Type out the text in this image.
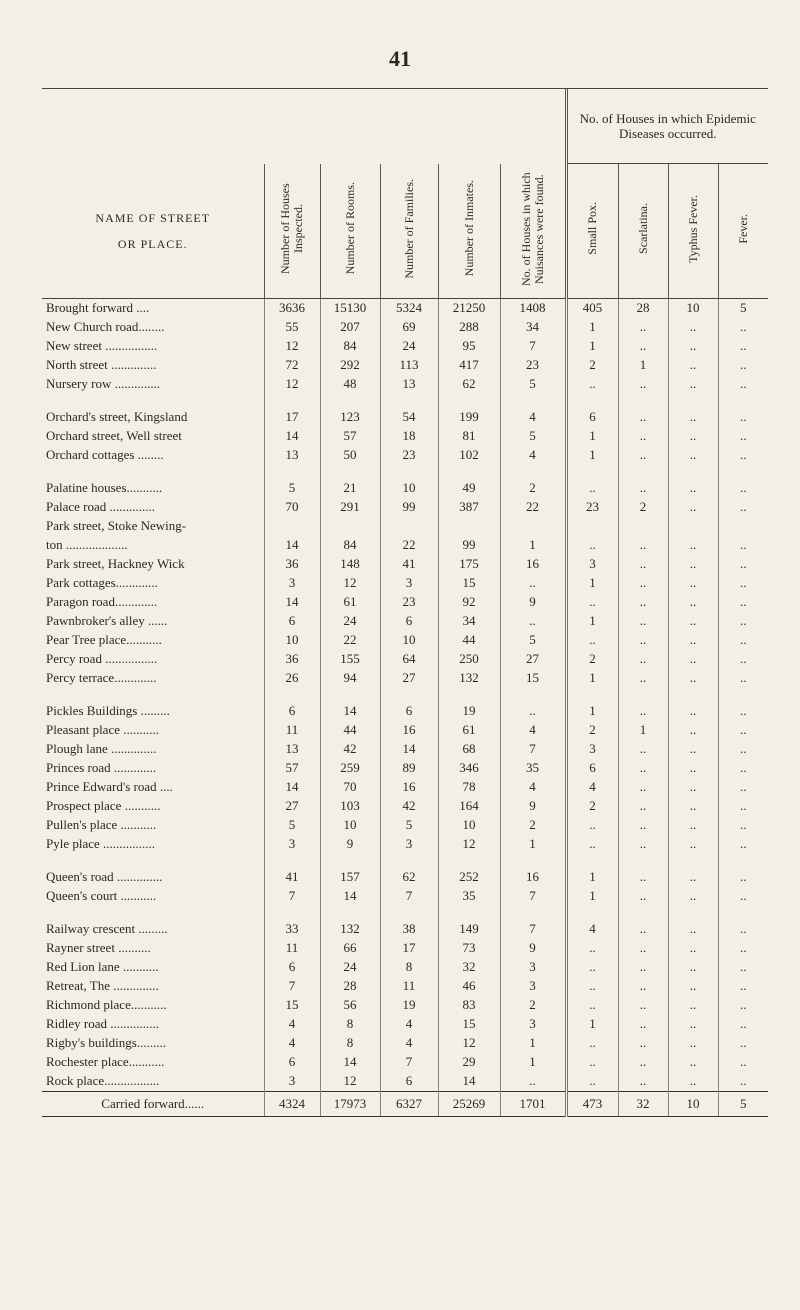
41

						No. of Houses in which Epidemic Diseases occurred.			
NAME OF STREET
OR PLACE.	Number of Houses Inspected.	Number of Rooms.	Number of Families.	Number of Inmates.	No. of Houses in which Nuisances were found.	Small Pox.	Scarlatina.	Typhus Fever.	Fever.
Brought forward ....	3636	15130	5324	21250	1408	405	28	10	5
New Church road........	55	207	69	288	34	1	..	..	..
New street ................	12	84	24	95	7	1	..	..	..
North street ..............	72	292	113	417	23	2	1	..	..
Nursery row ..............	12	48	13	62	5	..	..	..	..

Orchard's street, Kingsland	17	123	54	199	4	6	..	..	..
Orchard street, Well street	14	57	18	81	5	1	..	..	..
Orchard cottages ........	13	50	23	102	4	1	..	..	..

Palatine houses...........	5	21	10	49	2	..	..	..	..
Palace road ..............	70	291	99	387	22	23	2	..	..
Park street, Stoke Newing-									
ton ...................	14	84	22	99	1	..	..	..	..
Park street, Hackney Wick	36	148	41	175	16	3	..	..	..
Park cottages.............	3	12	3	15	..	1	..	..	..
Paragon road.............	14	61	23	92	9	..	..	..	..
Pawnbroker's alley ......	6	24	6	34	..	1	..	..	..
Pear Tree place...........	10	22	10	44	5	..	..	..	..
Percy road ................	36	155	64	250	27	2	..	..	..
Percy terrace.............	26	94	27	132	15	1	..	..	..

Pickles Buildings .........	6	14	6	19	..	1	..	..	..
Pleasant place ...........	11	44	16	61	4	2	1	..	..
Plough lane ..............	13	42	14	68	7	3	..	..	..
Princes road .............	57	259	89	346	35	6	..	..	..
Prince Edward's road ....	14	70	16	78	4	4	..	..	..
Prospect place ...........	27	103	42	164	9	2	..	..	..
Pullen's place ...........	5	10	5	10	2	..	..	..	..
Pyle place ................	3	9	3	12	1	..	..	..	..

Queen's road ..............	41	157	62	252	16	1	..	..	..
Queen's court ...........	7	14	7	35	7	1	..	..	..

Railway crescent .........	33	132	38	149	7	4	..	..	..
Rayner street ..........	11	66	17	73	9	..	..	..	..
Red Lion lane ...........	6	24	8	32	3	..	..	..	..
Retreat, The ..............	7	28	11	46	3	..	..	..	..
Richmond place...........	15	56	19	83	2	..	..	..	..
Ridley road ...............	4	8	4	15	3	1	..	..	..
Rigby's buildings.........	4	8	4	12	1	..	..	..	..
Rochester place...........	6	14	7	29	1	..	..	..	..
Rock place.................	3	12	6	14	..	..	..	..	..
Carried forward......	4324	17973	6327	25269	1701	473	32	10	5
